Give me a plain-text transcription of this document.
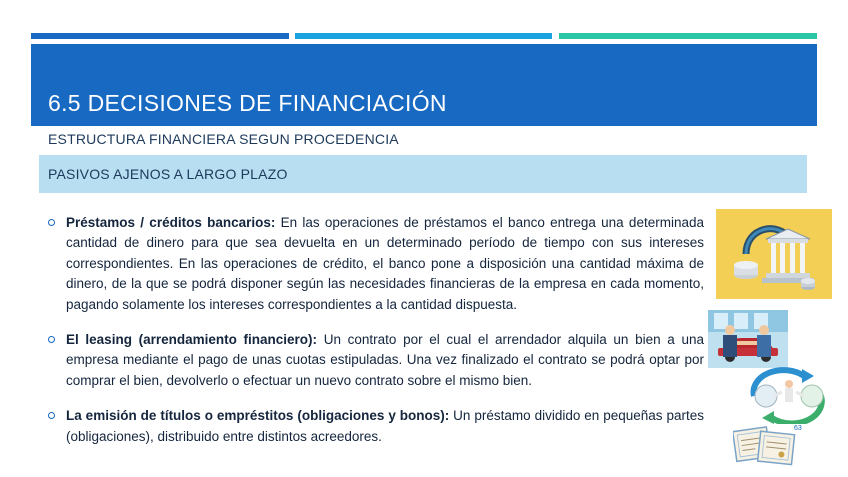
6.5 DECISIONES DE FINANCIACIÓN
ESTRUCTURA FINANCIERA SEGUN PROCEDENCIA
PASIVOS AJENOS A LARGO PLAZO
Préstamos / créditos bancarios: En las operaciones de préstamos el banco entrega una determinada cantidad de dinero para que sea devuelta en un determinado período de tiempo con sus intereses correspondientes. En las operaciones de crédito, el banco pone a disposición una cantidad máxima de dinero, de la que se podrá disponer según las necesidades financieras de la empresa en cada momento, pagando solamente los intereses correspondientes a la cantidad dispuesta.
El leasing (arrendamiento financiero): Un contrato por el cual el arrendador alquila un bien a una empresa mediante el pago de unas cuotas estipuladas. Una vez finalizado el contrato se podrá optar por comprar el bien, devolverlo o efectuar un nuevo contrato sobre el mismo bien.
La emisión de títulos o empréstitos (obligaciones y bonos): Un préstamo dividido en pequeñas partes (obligaciones), distribuido entre distintos acreedores.
63
